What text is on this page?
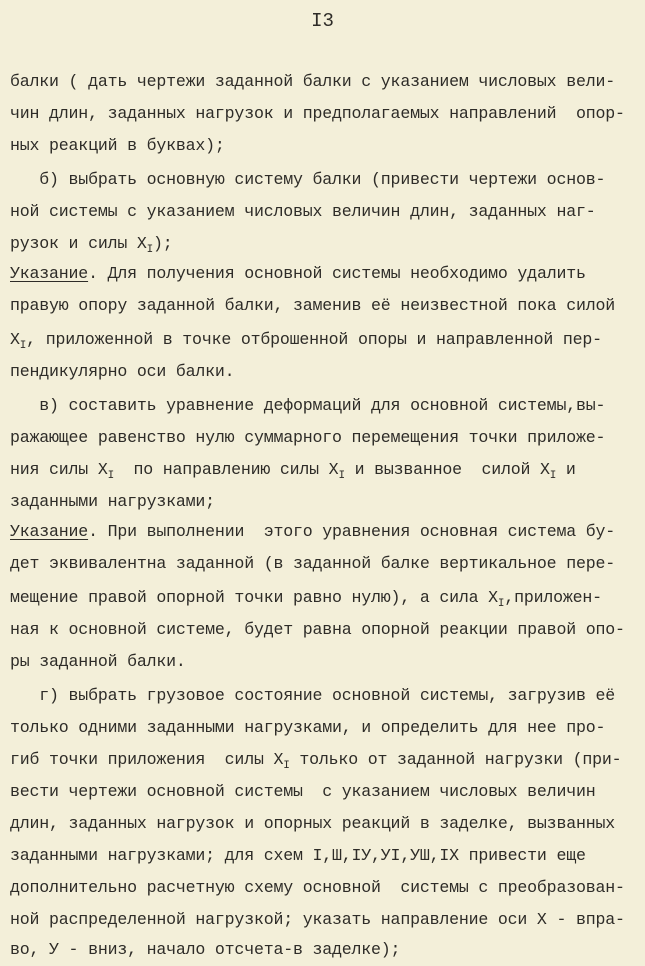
I3
балки ( дать чертежи заданной балки с указанием числовых вели-
чин длин, заданных нагрузок и предполагаемых направлений  опор-
ных реакций в буквах);
б) выбрать основную систему балки (привести чертежи основ-
ной системы с указанием числовых величин длин, заданных наг-
рузок и силы $X_I$);
Указание. Для получения основной системы необходимо удалить
правую опору заданной балки, заменив её неизвестной пока силой
$X_I$, приложенной в точке отброшенной опоры и направленной пер-
пендикулярно оси балки.
в) составить уравнение деформаций для основной системы,вы-
ражающее равенство нулю суммарного перемещения точки приложе-
ния силы $X_I$  по направлению силы $X_I$ и вызванное  силой $X_I$ и
заданными нагрузками;
Указание. При выполнении  этого уравнения основная система бу-
дет эквивалентна заданной (в заданной балке вертикальное пере-
мещение правой опорной точки равно нулю), а сила $X_I,приложен-$
ная к основной системе, будет равна опорной реакции правой опо-
ры заданной балки.
г) выбрать грузовое состояние основной системы, загрузив её
только одними заданными нагрузками, и определить для нее про-
гиб точки приложения  силы $X_I$ только от заданной нагрузки (при-
вести чертежи основной системы  с указанием числовых величин
длин, заданных нагрузок и опорных реакций в заделке, вызванных
заданными нагрузками; для схем I,Ш,IУ,УI,УШ,IX привести еще
дополнительно расчетную схему основной  системы с преобразован-
ной распределенной нагрузкой; указать направление оси X - впра-
во, У - вниз, начало отсчета-в заделке);
